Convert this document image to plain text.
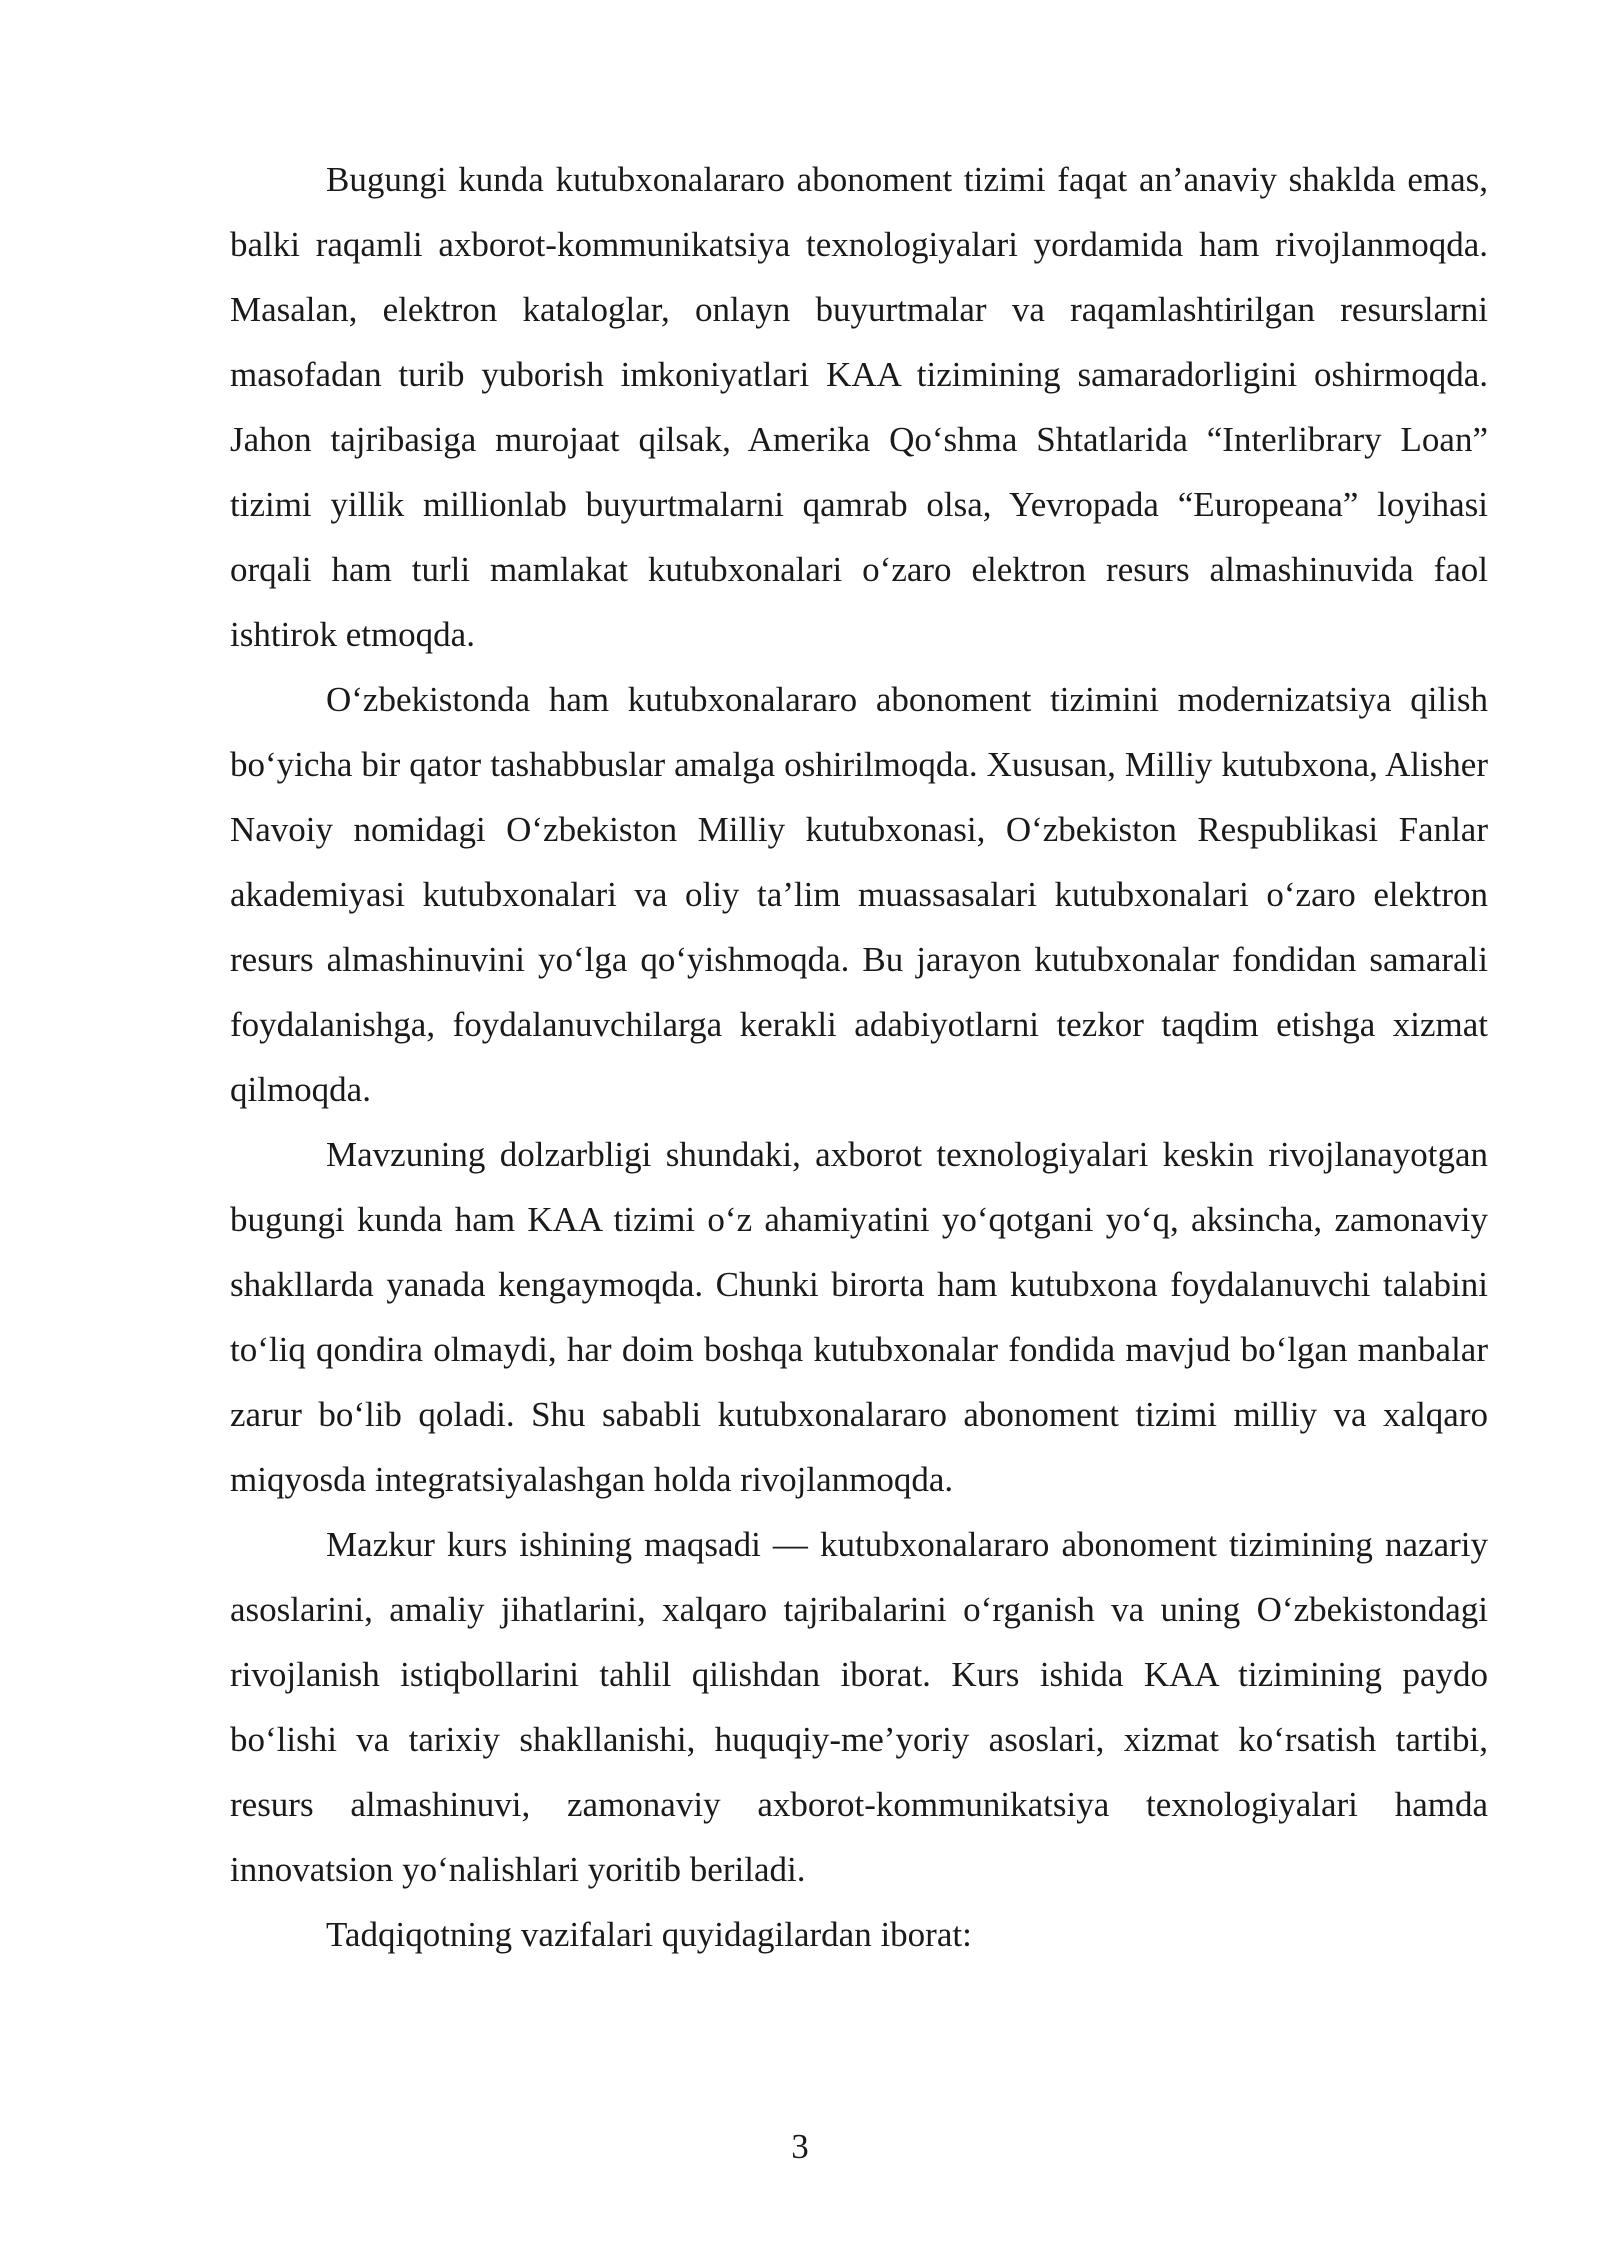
Bugungi kunda kutubxonalararo abonoment tizimi faqat an’anaviy shaklda emas, balki raqamli axborot-kommunikatsiya texnologiyalari yordamida ham rivojlanmoqda. Masalan, elektron kataloglar, onlayn buyurtmalar va raqamlashtirilgan resurslarni masofadan turib yuborish imkoniyatlari KAA tizimining samaradorligini oshirmoqda. Jahon tajribasiga murojaat qilsak, Amerika Qo‘shma Shtatlarida “Interlibrary Loan” tizimi yillik millionlab buyurtmalarni qamrab olsa, Yevropada “Europeana” loyihasi orqali ham turli mamlakat kutubxonalari o‘zaro elektron resurs almashinuvida faol ishtirok etmoqda.

O‘zbekistonda ham kutubxonalararo abonoment tizimini modernizatsiya qilish bo‘yicha bir qator tashabbuslar amalga oshirilmoqda. Xususan, Milliy kutubxona, Alisher Navoiy nomidagi O‘zbekiston Milliy kutubxonasi, O‘zbekiston Respublikasi Fanlar akademiyasi kutubxonalari va oliy ta’lim muassasalari kutubxonalari o‘zaro elektron resurs almashinuvini yo‘lga qo‘yishmoqda. Bu jarayon kutubxonalar fondidan samarali foydalanishga, foydalanuvchilarga kerakli adabiyotlarni tezkor taqdim etishga xizmat qilmoqda.

Mavzuning dolzarbligi shundaki, axborot texnologiyalari keskin rivojlanayotgan bugungi kunda ham KAA tizimi o‘z ahamiyatini yo‘qotgani yo‘q, aksincha, zamonaviy shakllarda yanada kengaymoqda. Chunki birorta ham kutubxona foydalanuvchi talabini to‘liq qondira olmaydi, har doim boshqa kutubxonalar fondida mavjud bo‘lgan manbalar zarur bo‘lib qoladi. Shu sababli kutubxonalararo abonoment tizimi milliy va xalqaro miqyosda integratsiyalashgan holda rivojlanmoqda.

Mazkur kurs ishining maqsadi — kutubxonalararo abonoment tizimining nazariy asoslarini, amaliy jihatlarini, xalqaro tajribalarini o‘rganish va uning O‘zbekistondagi rivojlanish istiqbollarini tahlil qilishdan iborat. Kurs ishida KAA tizimining paydo bo‘lishi va tarixiy shakllanishi, huquqiy-me’yoriy asoslari, xizmat ko‘rsatish tartibi, resurs almashinuvi, zamonaviy axborot-kommunikatsiya texnologiyalari hamda innovatsion yo‘nalishlari yoritib beriladi.

Tadqiqotning vazifalari quyidagilardan iborat:

3
